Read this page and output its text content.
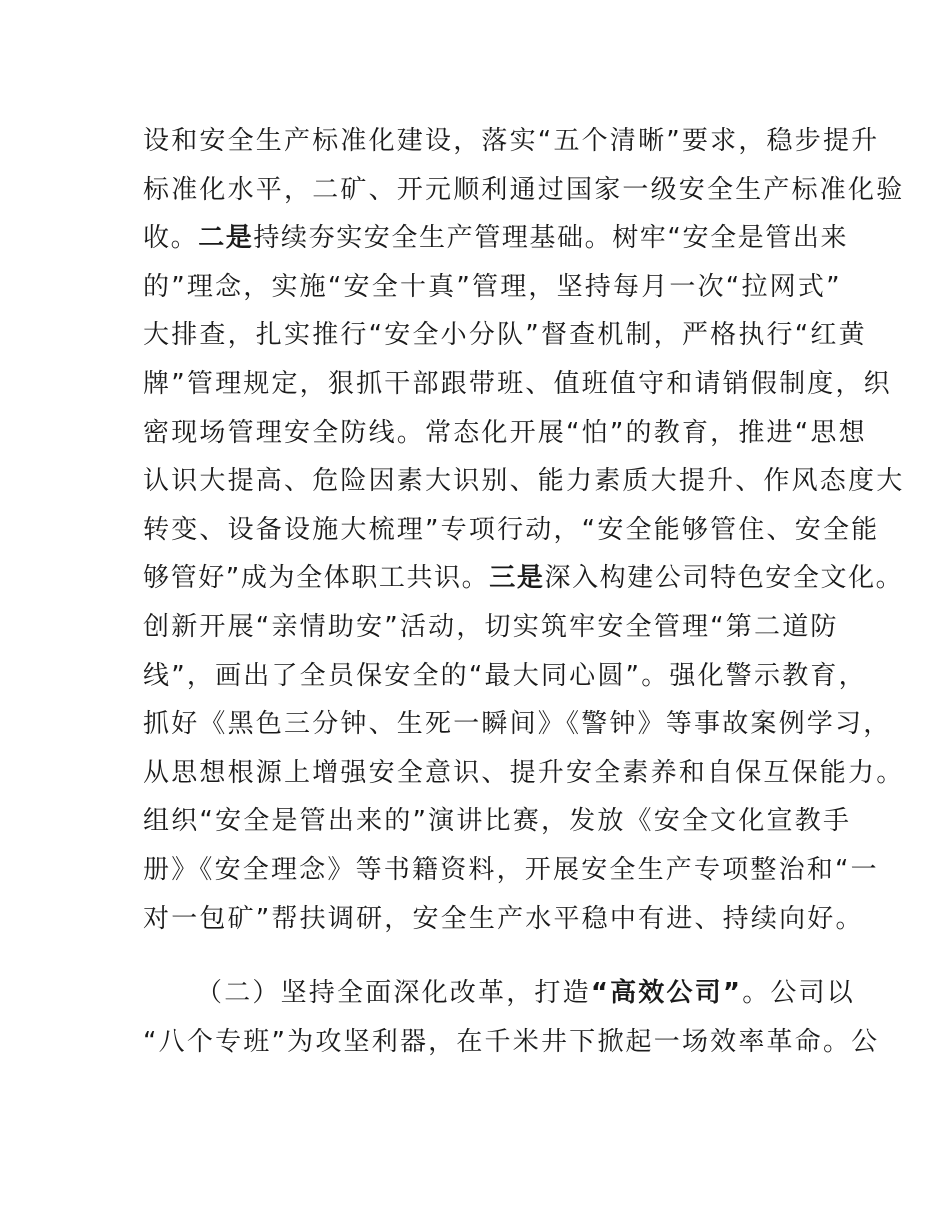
设和安全生产标准化建设，落实“五个清晰”要求，稳步提升
标准化水平，二矿、开元顺利通过国家一级安全生产标准化验
收。二是持续夯实安全生产管理基础。树牢“安全是管出来
的”理念，实施“安全十真”管理，坚持每月一次“拉网式”
大排查，扎实推行“安全小分队”督查机制，严格执行“红黄
牌”管理规定，狠抓干部跟带班、值班值守和请销假制度，织
密现场管理安全防线。常态化开展“怕”的教育，推进“思想
认识大提高、危险因素大识别、能力素质大提升、作风态度大
转变、设备设施大梳理”专项行动，“安全能够管住、安全能
够管好”成为全体职工共识。三是深入构建公司特色安全文化。
创新开展“亲情助安”活动，切实筑牢安全管理“第二道防
线”，画出了全员保安全的“最大同心圆”。强化警示教育，
抓好《黑色三分钟、生死一瞬间》《警钟》等事故案例学习，
从思想根源上增强安全意识、提升安全素养和自保互保能力。
组织“安全是管出来的”演讲比赛，发放《安全文化宣教手
册》《安全理念》等书籍资料，开展安全生产专项整治和“一
对一包矿”帮扶调研，安全生产水平稳中有进、持续向好。
（二）坚持全面深化改革，打造“高效公司”。公司以
“八个专班”为攻坚利器，在千米井下掀起一场效率革命。公
